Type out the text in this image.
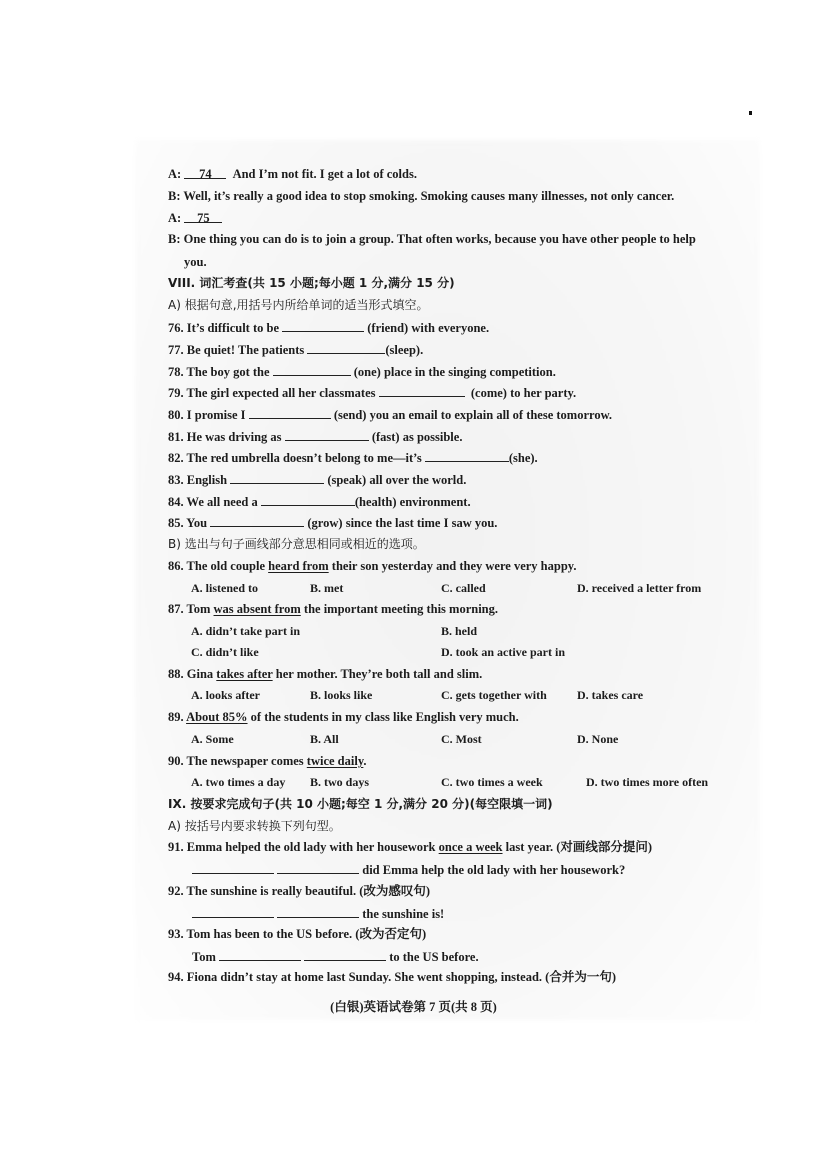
A: 74 And I’m not fit. I get a lot of colds.
B: Well, it’s really a good idea to stop smoking. Smoking causes many illnesses, not only cancer.
A: 75
B: One thing you can do is to join a group. That often works, because you have other people to help
you.
VIII. 词汇考查(共 15 小题;每小题 1 分,满分 15 分)
A) 根据句意,用括号内所给单词的适当形式填空。
76. It’s difficult to be	(friend) with everyone.
77. Be quiet! The patients	(sleep).
78. The boy got the	(one) place in the singing competition.
79. The girl expected all her classmates	(come) to her party.
80. I promise I	(send) you an email to explain all of these tomorrow.
81. He was driving as	(fast) as possible.
82. The red umbrella doesn’t belong to me—it’s	(she).
83. English	(speak) all over the world.
84. We all need a	(health) environment.
85. You	(grow) since the last time I saw you.
B) 选出与句子画线部分意思相同或相近的选项。
86. The old couple heard from their son yesterday and they were very happy.
A. listened to	B. met	C. called	D. received a letter from
87. Tom was absent from the important meeting this morning.
A. didn’t take part in	B. held
C. didn’t like	D. took an active part in
88. Gina takes after her mother. They’re both tall and slim.
A. looks after	B. looks like	C. gets together with	D. takes care
89. About 85% of the students in my class like English very much.
A. Some	B. All	C. Most	D. None
90. The newspaper comes twice daily.
A. two times a day B. two days	C. two times a week	D. two times more often
IX. 按要求完成句子(共 10 小题;每空 1 分,满分 20 分)(每空限填一词)
A) 按括号内要求转换下列句型。
91. Emma helped the old lady with her housework once a week last year. (对画线部分提问)
did Emma help the old lady with her housework?
92. The sunshine is really beautiful. (改为感叹句)
the sunshine is!
93. Tom has been to the US before. (改为否定句)
Tom	to the US before.
94. Fiona didn’t stay at home last Sunday. She went shopping, instead. (合并为一句)
(白银)英语试卷第 7 页(共 8 页)
